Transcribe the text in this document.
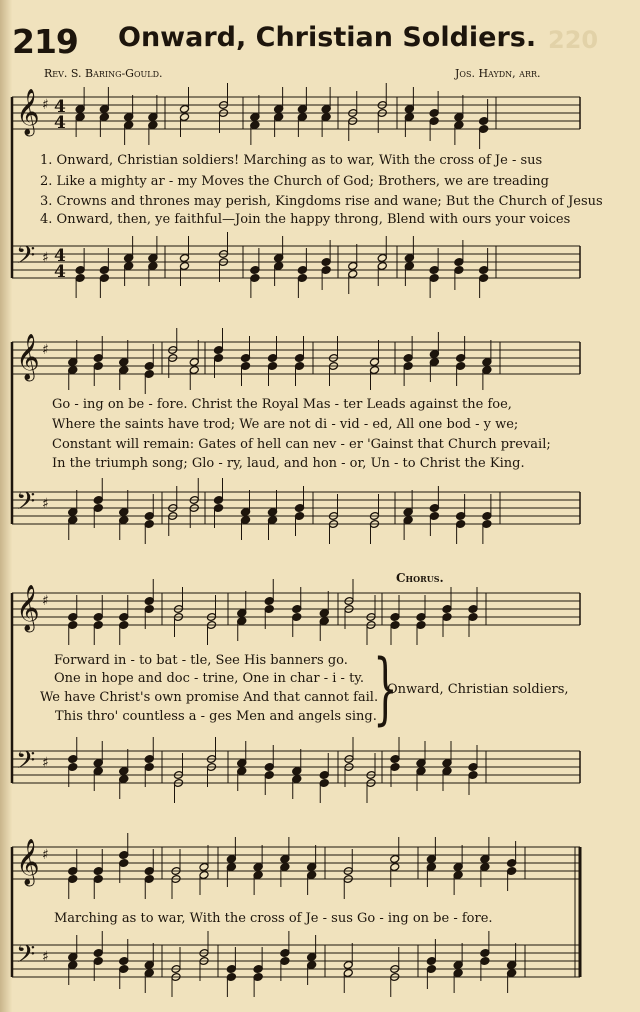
219 Onward, Christian Soldiers. 220
Rev. S. Baring-Gould.	Jos. Haydn, arr.
𝄞 ♯ 4
4
𝄢 ♯ 4
4
𝄞 ♯
𝄢 ♯
𝄞 ♯
𝄢 ♯
𝄞 ♯
𝄢 ♯
1. Onward, Christian soldiers! Marching as to war, With the cross of Je - sus
2. Like a mighty ar - my Moves the Church of God; Brothers, we are treading
3. Crowns and thrones may perish, Kingdoms rise and wane; But the Church of Jesus
4. Onward, then, ye faithful—Join the happy throng, Blend with ours your voices
Go - ing on be - fore. Christ the Royal Mas - ter Leads against the foe,
Where the saints have trod; We are not di - vid - ed, All one bod - y we;
Constant will remain: Gates of hell can nev - er 'Gainst that Church prevail;
In the triumph song; Glo - ry, laud, and hon - or, Un - to Christ the King.
Chorus.
Forward in - to bat - tle, See His banners go.
One in hope and doc - trine, One in char - i - ty.
We have Christ's own promise And that cannot fail.
This thro' countless a - ges Men and angels sing.
}
Onward, Christian soldiers,
Marching as to war, With the cross of Je - sus Go - ing on be - fore.
